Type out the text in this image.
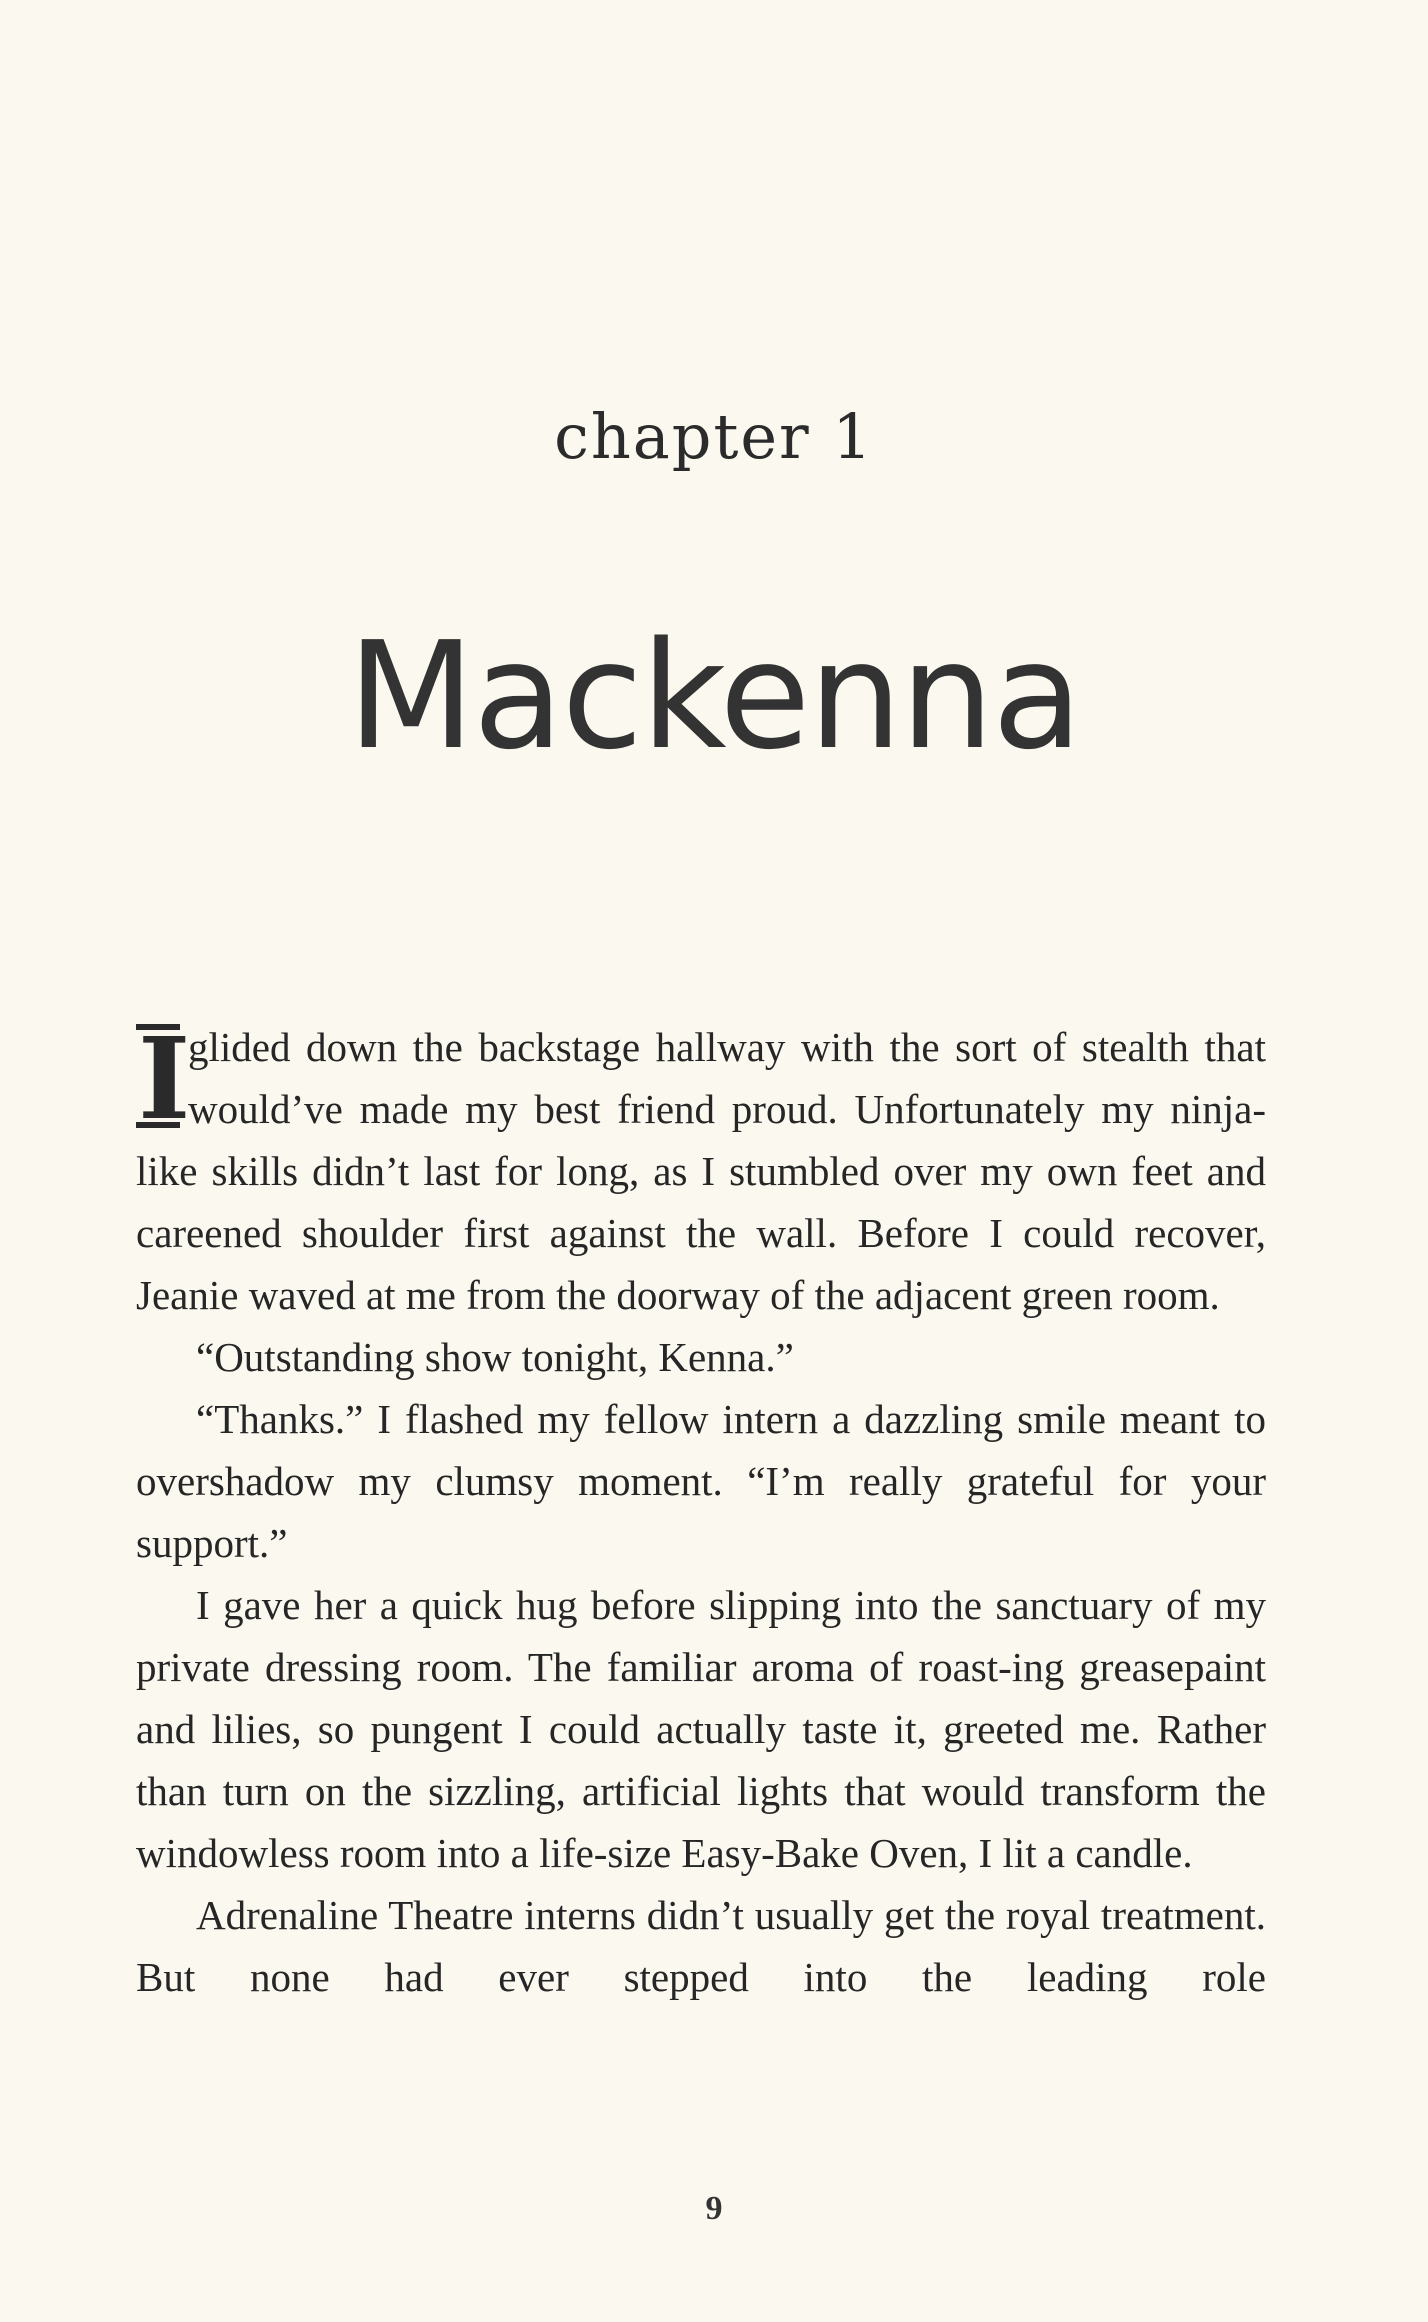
chapter 1
Mackenna

I
glided down the backstage hallway with the sort of stealth that would’ve made my best friend proud. Unfortunately my ninja-like skills didn’t last for long, as I stumbled over my own feet and careened shoulder first against the wall. Before I could recover, Jeanie waved at me from the doorway of the adjacent green room.

“Outstanding show tonight, Kenna.”

“Thanks.” I flashed my fellow intern a dazzling smile meant to overshadow my clumsy moment. “I’m really grateful for your support.”

I gave her a quick hug before slipping into the sanctuary of my private dressing room. The familiar aroma of roast-ing greasepaint and lilies, so pungent I could actually taste it, greeted me. Rather than turn on the sizzling, artificial lights that would transform the windowless room into a life-size Easy-Bake Oven, I lit a candle.

Adrenaline Theatre interns didn’t usually get the royal treatment. But none had ever stepped into the leading role

9
